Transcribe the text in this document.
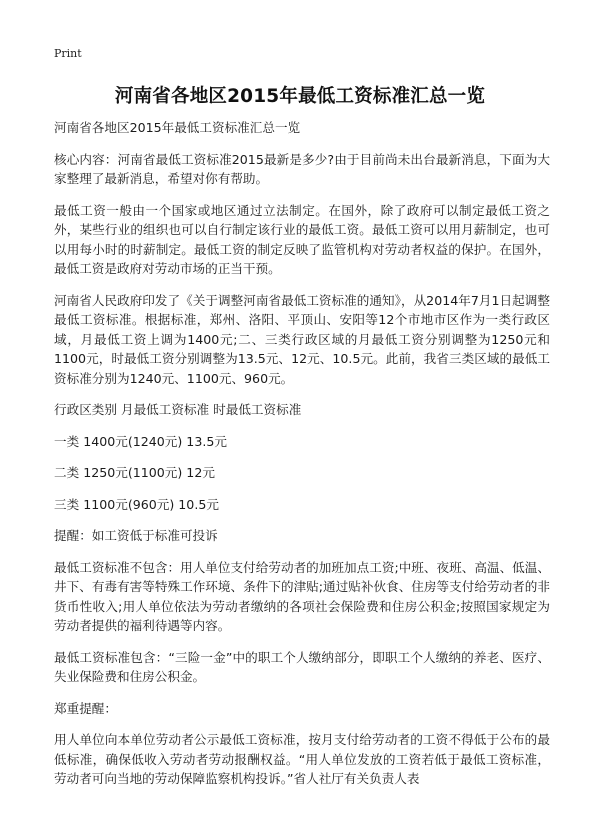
Print
河南省各地区2015年最低工资标准汇总一览

河南省各地区2015年最低工资标准汇总一览

核心内容：河南省最低工资标准2015最新是多少?由于目前尚未出台最新消息，下面为大家整理了最新消息，希望对你有帮助。

最低工资一般由一个国家或地区通过立法制定。在国外，除了政府可以制定最低工资之外，某些行业的组织也可以自行制定该行业的最低工资。最低工资可以用月薪制定，也可以用每小时的时薪制定。最低工资的制定反映了监管机构对劳动者权益的保护。在国外，最低工资是政府对劳动市场的正当干预。

河南省人民政府印发了《关于调整河南省最低工资标准的通知》，从2014年7月1日起调整最低工资标准。根据标准，郑州、洛阳、平顶山、安阳等12个市地市区作为一类行政区域，月最低工资上调为1400元;二、三类行政区域的月最低工资分别调整为1250元和1100元，时最低工资分别调整为13.5元、12元、10.5元。此前，我省三类区域的最低工资标准分别为1240元、1100元、960元。

行政区类别 月最低工资标准 时最低工资标准

一类 1400元(1240元) 13.5元

二类 1250元(1100元) 12元

三类 1100元(960元) 10.5元

提醒：如工资低于标准可投诉

最低工资标准不包含：用人单位支付给劳动者的加班加点工资;中班、夜班、高温、低温、井下、有毒有害等特殊工作环境、条件下的津贴;通过贴补伙食、住房等支付给劳动者的非货币性收入;用人单位依法为劳动者缴纳的各项社会保险费和住房公积金;按照国家规定为劳动者提供的福利待遇等内容。

最低工资标准包含：“三险一金”中的职工个人缴纳部分，即职工个人缴纳的养老、医疗、失业保险费和住房公积金。

郑重提醒：

用人单位向本单位劳动者公示最低工资标准，按月支付给劳动者的工资不得低于公布的最低标准，确保低收入劳动者劳动报酬权益。“用人单位发放的工资若低于最低工资标准，劳动者可向当地的劳动保障监察机构投诉。”省人社厅有关负责人表
